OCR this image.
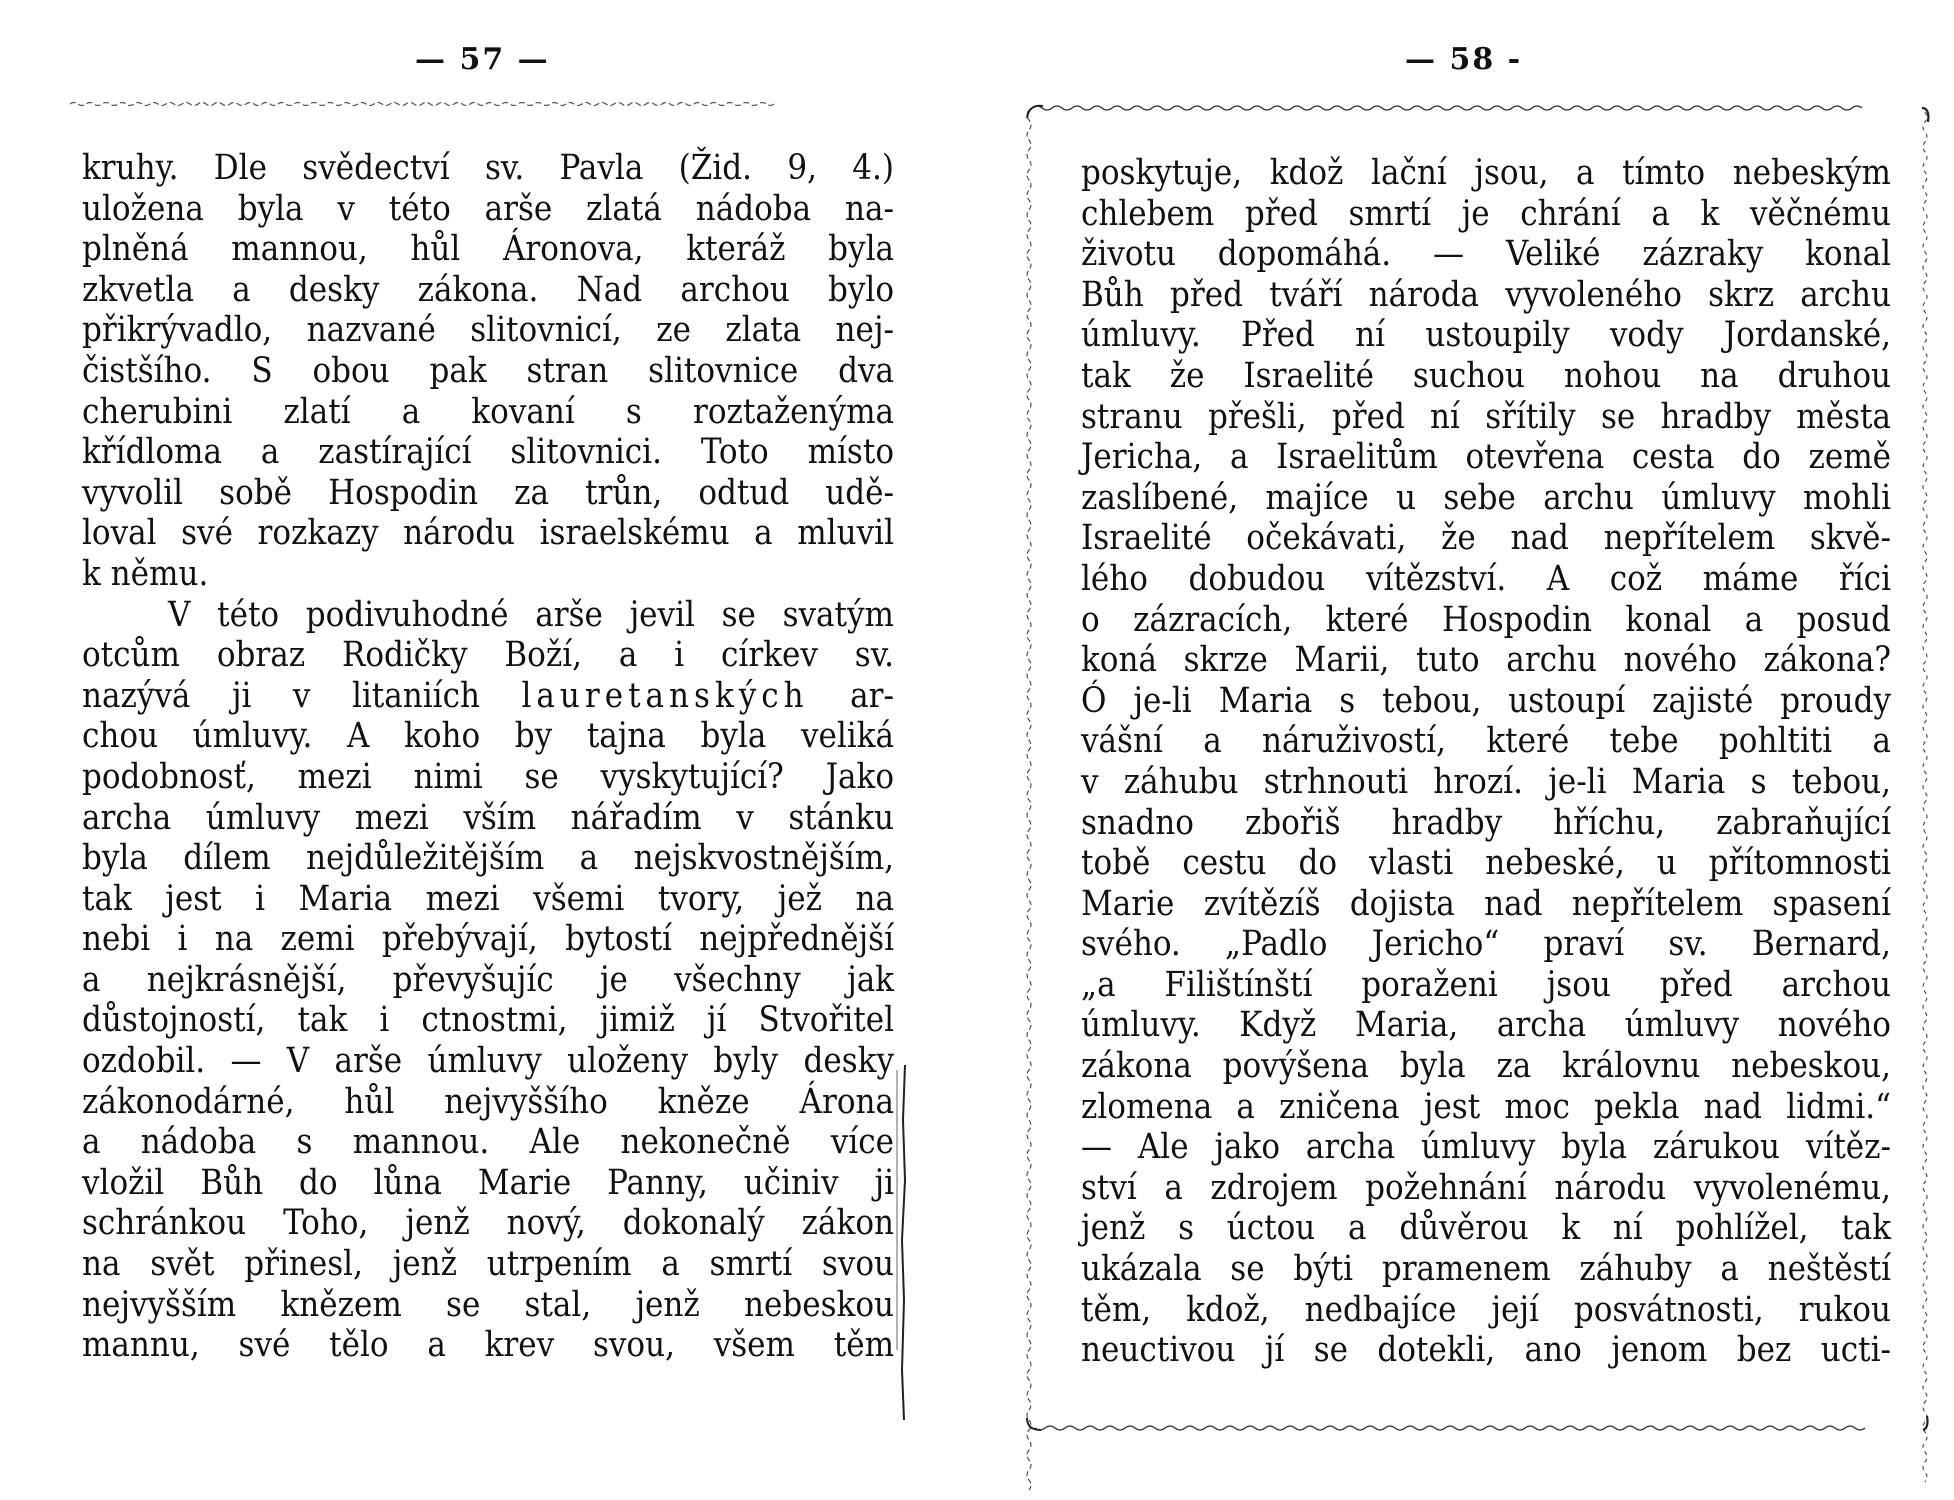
— 57 —
kruhy. Dle svědectví sv. Pavla (Žid. 9, 4.)
uložena byla v této arše zlatá nádoba na-
plněná mannou, hůl Áronova, kteráž byla
zkvetla a desky zákona. Nad archou bylo
přikrývadlo, nazvané slitovnicí, ze zlata nej-
čistšího. S obou pak stran slitovnice dva
cherubini zlatí a kovaní s roztaženýma
křídloma a zastírající slitovnici. Toto místo
vyvolil sobě Hospodin za trůn, odtud udě-
loval své rozkazy národu israelskému a mluvil
k němu.
V této podivuhodné arše jevil se svatým
otcům obraz Rodičky Boží, a i církev sv.
nazývá ji v litaniích lauretanských ar-
chou úmluvy. A koho by tajna byla veliká
podobnosť, mezi nimi se vyskytující? Jako
archa úmluvy mezi vším nářadím v stánku
byla dílem nejdůležitějším a nejskvostnějším,
tak jest i Maria mezi všemi tvory, jež na
nebi i na zemi přebývají, bytostí nejpřednější
a nejkrásnější, převyšujíc je všechny jak
důstojností, tak i ctnostmi, jimiž jí Stvořitel
ozdobil. — V arše úmluvy uloženy byly desky
zákonodárné, hůl nejvyššího kněze Árona
a nádoba s mannou. Ale nekonečně více
vložil Bůh do lůna Marie Panny, učiniv ji
schránkou Toho, jenž nový, dokonalý zákon
na svět přinesl, jenž utrpením a smrtí svou
nejvyšším knězem se stal, jenž nebeskou
mannu, své tělo a krev svou, všem těm
— 58 -
poskytuje, kdož lační jsou, a tímto nebeským
chlebem před smrtí je chrání a k věčnému
životu dopomáhá. — Veliké zázraky konal
Bůh před tváří národa vyvoleného skrz archu
úmluvy. Před ní ustoupily vody Jordanské,
tak že Israelité suchou nohou na druhou
stranu přešli, před ní sřítily se hradby města
Jericha, a Israelitům otevřena cesta do země
zaslíbené, majíce u sebe archu úmluvy mohli
Israelité očekávati, že nad nepřítelem skvě-
lého dobudou vítězství. A což máme říci
o zázracích, které Hospodin konal a posud
koná skrze Marii, tuto archu nového zákona?
Ó je-li Maria s tebou, ustoupí zajisté proudy
vášní a náruživostí, které tebe pohltiti a
v záhubu strhnouti hrozí. je-li Maria s tebou,
snadno zbořiš hradby hříchu, zabraňující
tobě cestu do vlasti nebeské, u přítomnosti
Marie zvítězíš dojista nad nepřítelem spasení
svého. „Padlo Jericho“ praví sv. Bernard,
„a Filištínští poraženi jsou před archou
úmluvy. Když Maria, archa úmluvy nového
zákona povýšena byla za královnu nebeskou,
zlomena a zničena jest moc pekla nad lidmi.“
— Ale jako archa úmluvy byla zárukou vítěz-
ství a zdrojem požehnání národu vyvolenému,
jenž s úctou a důvěrou k ní pohlížel, tak
ukázala se býti pramenem záhuby a neštěstí
těm, kdož, nedbajíce její posvátnosti, rukou
neuctivou jí se dotekli, ano jenom bez ucti-
